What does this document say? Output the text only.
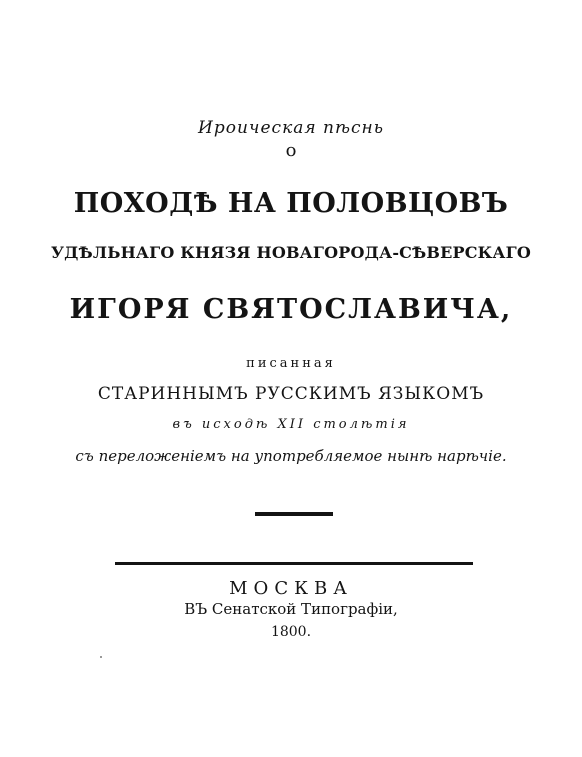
Ироическая пѣснь
о
ПОХОДѢ НА ПОЛОВЦОВЪ
УДѢЛЬНАГО КНЯЗЯ НОВАГОРОДА-СѢВЕРСКАГО
ИГОРЯ СВЯТОСЛАВИЧА,
писанная
СТАРИННЫМЪ РУССКИМЪ ЯЗЫКОМЪ
въ исходѣ XII столѣтія
съ переложенiемъ на употребляемое нынѣ нарѣчiе.
МОСКВА
ВЪ Сенатской Типографiи,
1800.
